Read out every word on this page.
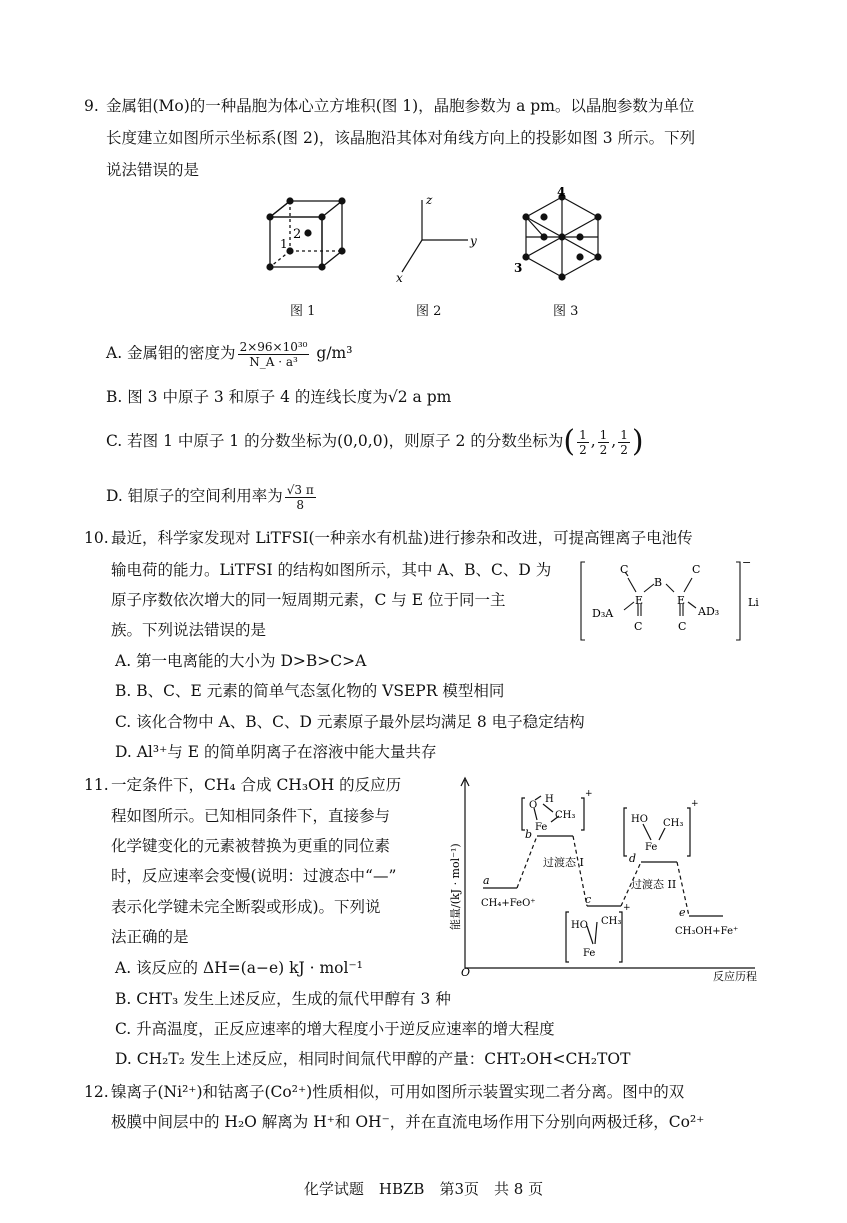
9. 金属钼(Mo)的一种晶胞为体心立方堆积(图 1)，晶胞参数为 a pm。以晶胞参数为单位
长度建立如图所示坐标系(图 2)，该晶胞沿其体对角线方向上的投影如图 3 所示。下列
说法错误的是
2
1
图 1
z
y
x
图 2
4
3
图 3
A. 金属钼的密度为 $\frac{\text{2×96×10³⁰}}{\text{N\_A · a³}} g/m^3$
B. 图 3 中原子 3 和原子 4 的连线长度为√2 a pm
C. 若图 1 中原子 1 的分数坐标为(0,0,0)，则原子 2 的分数坐标为( $\frac{1}{2}$ , $\frac{1}{2}$ , $\frac{1}{2}$ )
D. 钼原子的空间利用率为 $\frac{√3 \pi}{8}$
10. 最近，科学家发现对 LiTFSI(一种亲水有机盐)进行掺杂和改进，可提高锂离子电池传
输电荷的能力。LiTFSI 的结构如图所示，其中 A、B、C、D 为
原子序数依次增大的同一短周期元素，C 与 E 位于同一主
族。下列说法错误的是
C
B
C
E	E
D₃A	AD₃
C	C
−
Li
A. 第一电离能的大小为 D>B>C>A
B. B、C、E 元素的简单气态氢化物的 VSEPR 模型相同
C. 该化合物中 A、B、C、D 元素原子最外层均满足 8 电子稳定结构
D. Al³⁺与 E 的简单阴离子在溶液中能大量共存
11. 一定条件下，CH₄ 合成 CH₃OH 的反应历
程如图所示。已知相同条件下，直接参与
化学键变化的元素被替换为更重的同位素
时，反应速率会变慢(说明：过渡态中“—”
表示化学键未完全断裂或形成)。下列说
法正确的是
能量/(kJ · mol⁻¹)
反应历程
O
a
b
c
d
e
CH₄+FeO⁺
CH₃OH+Fe⁺
过渡态 I
过渡态 II
O
H
CH₃
Fe
+
HO CH₃
Fe
+
HO CH₃
Fe
+
A. 该反应的 ΔH=(a−e) kJ · mol⁻¹
B. CHT₃ 发生上述反应，生成的氚代甲醇有 3 种
C. 升高温度，正反应速率的增大程度小于逆反应速率的增大程度
D. CH₂T₂ 发生上述反应，相同时间氚代甲醇的产量：CHT₂OH<CH₂TOT
12. 镍离子(Ni²⁺)和钴离子(Co²⁺)性质相似，可用如图所示装置实现二者分离。图中的双
极膜中间层中的 H₂O 解离为 H⁺和 OH⁻，并在直流电场作用下分别向两极迁移，Co²⁺
化学试题　HBZB　第3页　共 8 页
